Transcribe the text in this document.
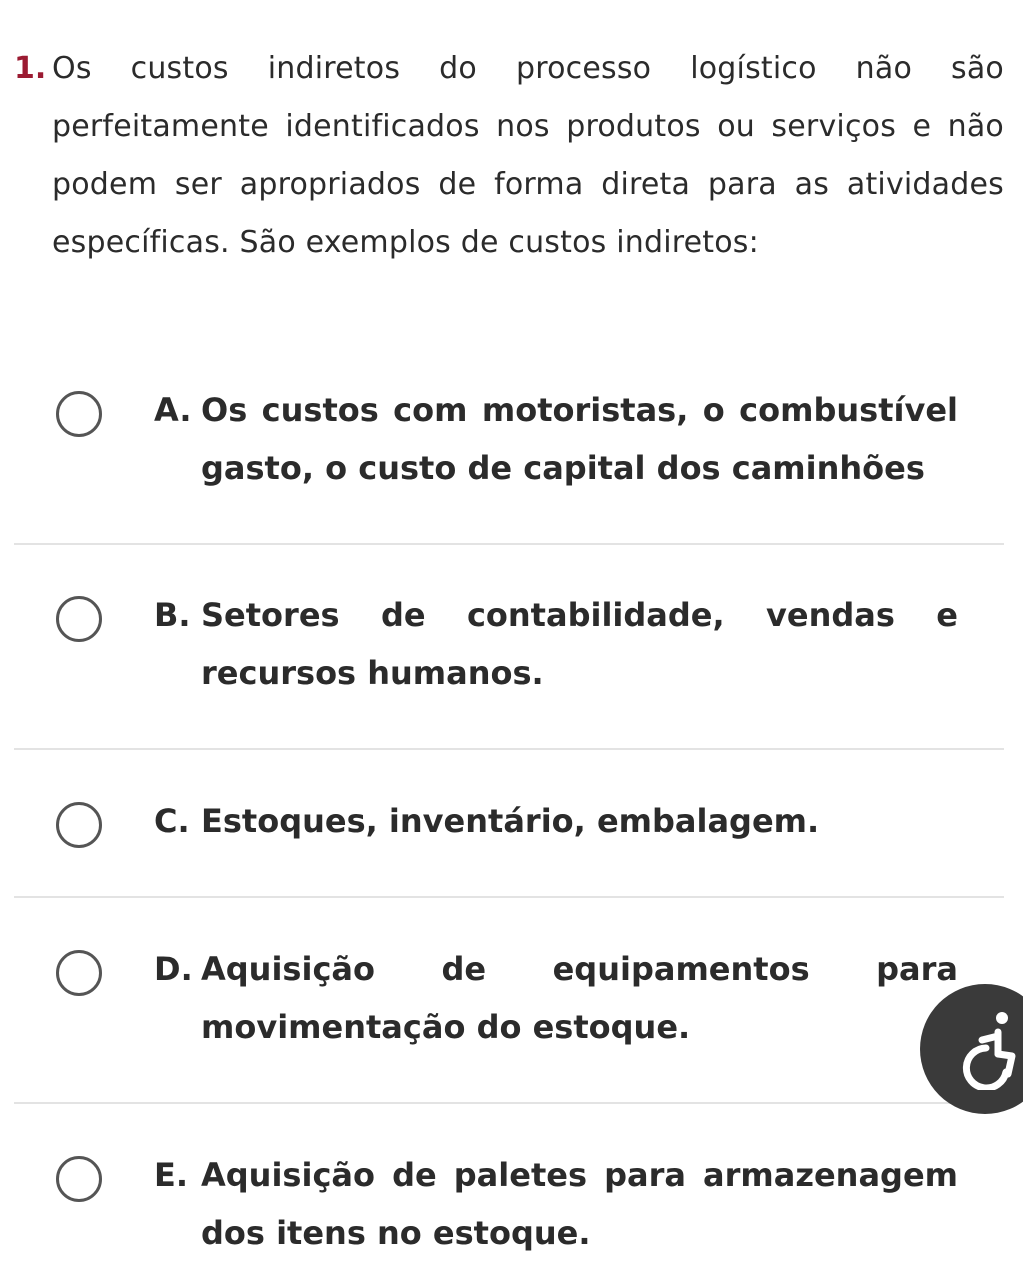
1. Os custos indiretos do processo logístico não são perfeitamente identificados nos produtos ou serviços e não podem ser apropriados de forma direta para as atividades específicas. São exemplos de custos indiretos:
A. Os custos com motoristas, o combustível gasto, o custo de capital dos caminhões
B. Setores de contabilidade, vendas e recursos humanos.
C. Estoques, inventário, embalagem.
D. Aquisição de equipamentos para movimentação do estoque.
E. Aquisição de paletes para armazenagem dos itens no estoque.
